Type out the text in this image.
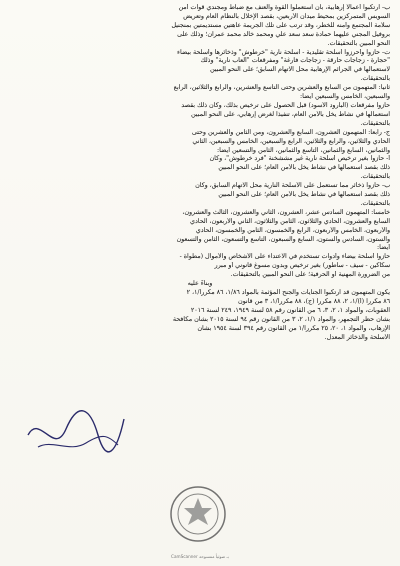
ب- ارتكبوا أعمالاً إرهابية، بأن استعملوا القوة والعنف مع ضباط ومجندي قوات أمن
السويس المتمركزين بمحيط ميدان الأربعين، بقصد الإخلال بالنظام العام وتعريض
سلامة المجتمع وأمنه للخطر، وقد ترتب على تلك الجريمة عاهتين مستديمتين بمنجنيل
بروفيل المجني عليهما حمادة سعد سعد علي ومحمد خالد محمد عمران؛ وذلك على
النحو المبين بالتحقيقات.
ت- حازوا وأحرزوا أسلحة تقليدية - أسلحة نارية "خرطوش" وذخائرها وأسلحة بيضاء
"حجارة - زجاجات حارقة - زجاجات فارغة" ومفرقعات "ألعاب نارية" وذلك
لاستعمالها في الجرائم الإرهابية محل الاتهام السابق؛ على النحو المبين
بالتحقيقات.
ثانياً: المتهمون من السابع والعشرين وحتى التاسع والعشرين، والرابع والثلاثين، الرابع
والسبعين، الخامس والسبعين أيضاً:
حازوا مفرقعات (البارود الأسود) قبل الحصول على ترخيص بذلك، وكان ذلك بقصد
استعمالها في نشاط يخل بالأمن العام، تنفيذاً لغرض إرهابي، على النحو المبين
بالتحقيقات.
ج- رابعاً: المتهمون العشرون، السابع والعشرون، ومن الثامن والعشرين وحتى
الحادي والثلاثين، والرابع والثلاثين، الرابع والسبعين، الخامس والسبعين، الثاني
والثمانين، السابع والثمانين، التاسع والثمانين، الثامن والتسعين أيضاً:
أ- حازوا بغير ترخيص أسلحة نارية غير مششخنة "فرد خرطوش"، وكان
ذلك بقصد استعمالها في نشاط يخل بالأمن العام؛ على النحو المبين
بالتحقيقات.
ب- حازوا ذخائر مما تستعمل على الأسلحة النارية محل الاتهام السابق، وكان
ذلك بقصد استعمالها في نشاط يخل بالأمن العام؛ على النحو المبين
بالتحقيقات.
خامساً: المتهمون السادس عشر، العشرون، الثاني والعشرون، الثالث والعشرون،
السابع والعشرون، الحادي والثلاثون، الثامن والثلاثون، الثاني والأربعون، الحادي
والأربعون، الخامس والأربعون، الرابع والخمسون، الثامن والخمسون، الحادي
والستون، السادس والستون، السابع والسبعون، التاسع والتسعون، الثامن والتسعون
أيضاً:
حازوا أسلحة بيضاء وأدوات تستخدم في الاعتداء على الأشخاص والأموال (مطواة -
سكاكين - سيف - ساطور) بغير ترخيص وبدون مسوغ قانوني أو مبرر
من الضرورة المهنية أو الحرفية؛ على النحو المبين بالتحقيقات.
وبناءً عليه
يكون المتهمون قد ارتكبوا الجنايات والجنح المؤثمة بالمواد ۱/۸٦، ۸٦ مكرراً/۱، ۲
۸٦ مكرراً (أ)/۱، ۲، ۸۸ مكرراً (ج)، ۸۸ مكرراً/۱، ۳ من قانون
العقوبات، والمواد ۱، ۲، ۳، ٦ من القانون رقم ٥۸ لسنة ۱۹٤۹، ۲٤۹ لسنة ۲۰۱٦
بشأن حظر التجمهر، والمواد ۱/۱، ۲، ۳ من القانون رقم ۹٤ لسنة ۲۰۱٥ بشأن مكافحة
الإرهاب، والمواد ۱، ۲۰، ۲٥ مكرراً/۱ من القانون رقم ۳۹٤ لسنة ۱۹٥٤ بشأن
الأسلحة والذخائر المعدل.
CamScanner بـ ضوئياً ممسوحة
